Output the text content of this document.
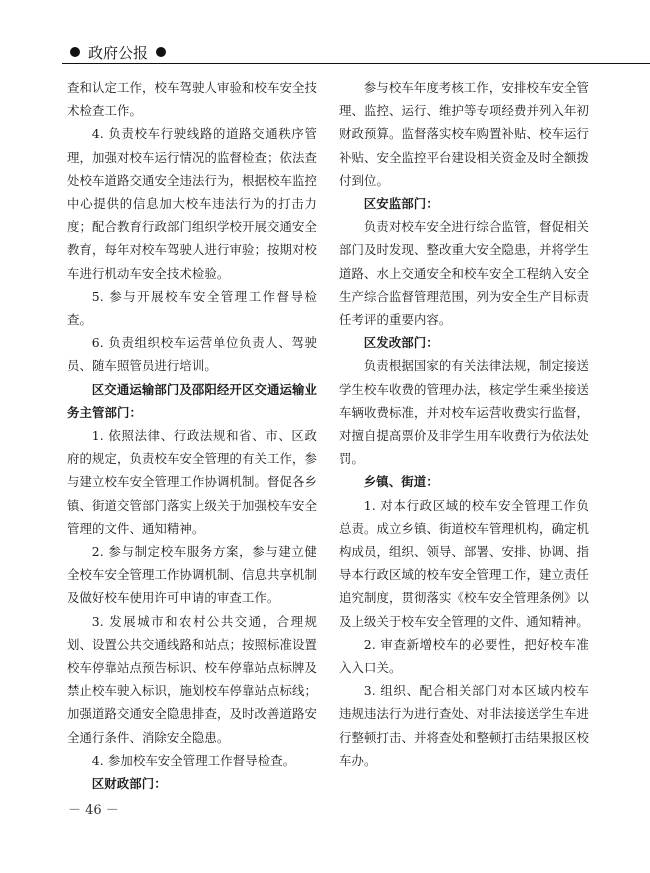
政府公报

查和认定工作，校车驾驶人审验和校车安全技术检查工作。

4. 负责校车行驶线路的道路交通秩序管理，加强对校车运行情况的监督检查；依法查处校车道路交通安全违法行为，根据校车监控中心提供的信息加大校车违法行为的打击力度；配合教育行政部门组织学校开展交通安全教育，每年对校车驾驶人进行审验；按期对校车进行机动车安全技术检验。

5. 参与开展校车安全管理工作督导检查。

6. 负责组织校车运营单位负责人、驾驶员、随车照管员进行培训。

区交通运输部门及邵阳经开区交通运输业务主管部门：

1. 依照法律、行政法规和省、市、区政府的规定，负责校车安全管理的有关工作，参与建立校车安全管理工作协调机制。督促各乡镇、街道交管部门落实上级关于加强校车安全管理的文件、通知精神。

2. 参与制定校车服务方案，参与建立健全校车安全管理工作协调机制、信息共享机制及做好校车使用许可申请的审查工作。

3. 发展城市和农村公共交通，合理规划、设置公共交通线路和站点；按照标准设置校车停靠站点预告标识、校车停靠站点标牌及禁止校车驶入标识，施划校车停靠站点标线；加强道路交通安全隐患排查，及时改善道路安全通行条件、消除安全隐患。

4. 参加校车安全管理工作督导检查。

区财政部门：

参与校车年度考核工作，安排校车安全管理、监控、运行、维护等专项经费并列入年初财政预算。监督落实校车购置补贴、校车运行补贴、安全监控平台建设相关资金及时全额拨付到位。

区安监部门：

负责对校车安全进行综合监管，督促相关部门及时发现、整改重大安全隐患，并将学生道路、水上交通安全和校车安全工程纳入安全生产综合监督管理范围，列为安全生产目标责任考评的重要内容。

区发改部门：

负责根据国家的有关法律法规，制定接送学生校车收费的管理办法，核定学生乘坐接送车辆收费标准，并对校车运营收费实行监督，对擅自提高票价及非学生用车收费行为依法处罚。

乡镇、街道：

1. 对本行政区域的校车安全管理工作负总责。成立乡镇、街道校车管理机构，确定机构成员，组织、领导、部署、安排、协调、指导本行政区域的校车安全管理工作，建立责任追究制度，贯彻落实《校车安全管理条例》以及上级关于校车安全管理的文件、通知精神。

2. 审查新增校车的必要性，把好校车准入入口关。

3. 组织、配合相关部门对本区域内校车违规违法行为进行查处、对非法接送学生车进行整顿打击、并将查处和整顿打击结果报区校车办。

－ 46 －
